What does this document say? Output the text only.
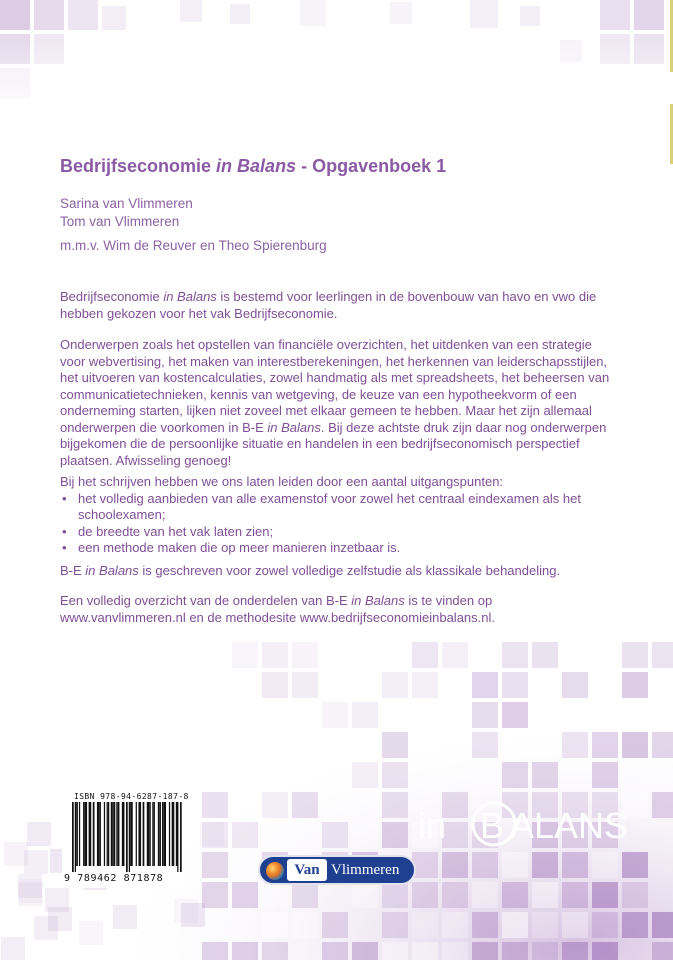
Bedrijfseconomie in Balans - Opgavenboek 1
Sarina van Vlimmeren
Tom van Vlimmeren
m.m.v. Wim de Reuver en Theo Spierenburg

Bedrijfseconomie in Balans is bestemd voor leerlingen in de bovenbouw van havo en vwo die hebben gekozen voor het vak Bedrijfseconomie.

Onderwerpen zoals het opstellen van financiële overzichten, het uitdenken van een strategie voor webvertising, het maken van interestberekeningen, het herkennen van leiderschapsstijlen, het uitvoeren van kostencalculaties, zowel handmatig als met spreadsheets, het beheersen van communicatietechnieken, kennis van wetgeving, de keuze van een hypotheekvorm of een onderneming starten, lijken niet zoveel met elkaar gemeen te hebben. Maar het zijn allemaal onderwerpen die voorkomen in B-E in Balans. Bij deze achtste druk zijn daar nog onderwerpen bijgekomen die de persoonlijke situatie en handelen in een bedrijfseconomisch perspectief plaatsen. Afwisseling genoeg!

Bij het schrijven hebben we ons laten leiden door een aantal uitgangspunten:

• het volledig aanbieden van alle examenstof voor zowel het centraal eindexamen als het schoolexamen;
• de breedte van het vak laten zien;
• een methode maken die op meer manieren inzetbaar is.

B-E in Balans is geschreven voor zowel volledige zelfstudie als klassikale behandeling.

Een volledig overzicht van de onderdelen van B-E in Balans is te vinden op www.vanvlimmeren.nl en de methodesite www.bedrijfseconomieinbalans.nl.

ISBN 978-94-6287-187-8
9 789462 871878
in B ALANS
Van Vlimmeren
